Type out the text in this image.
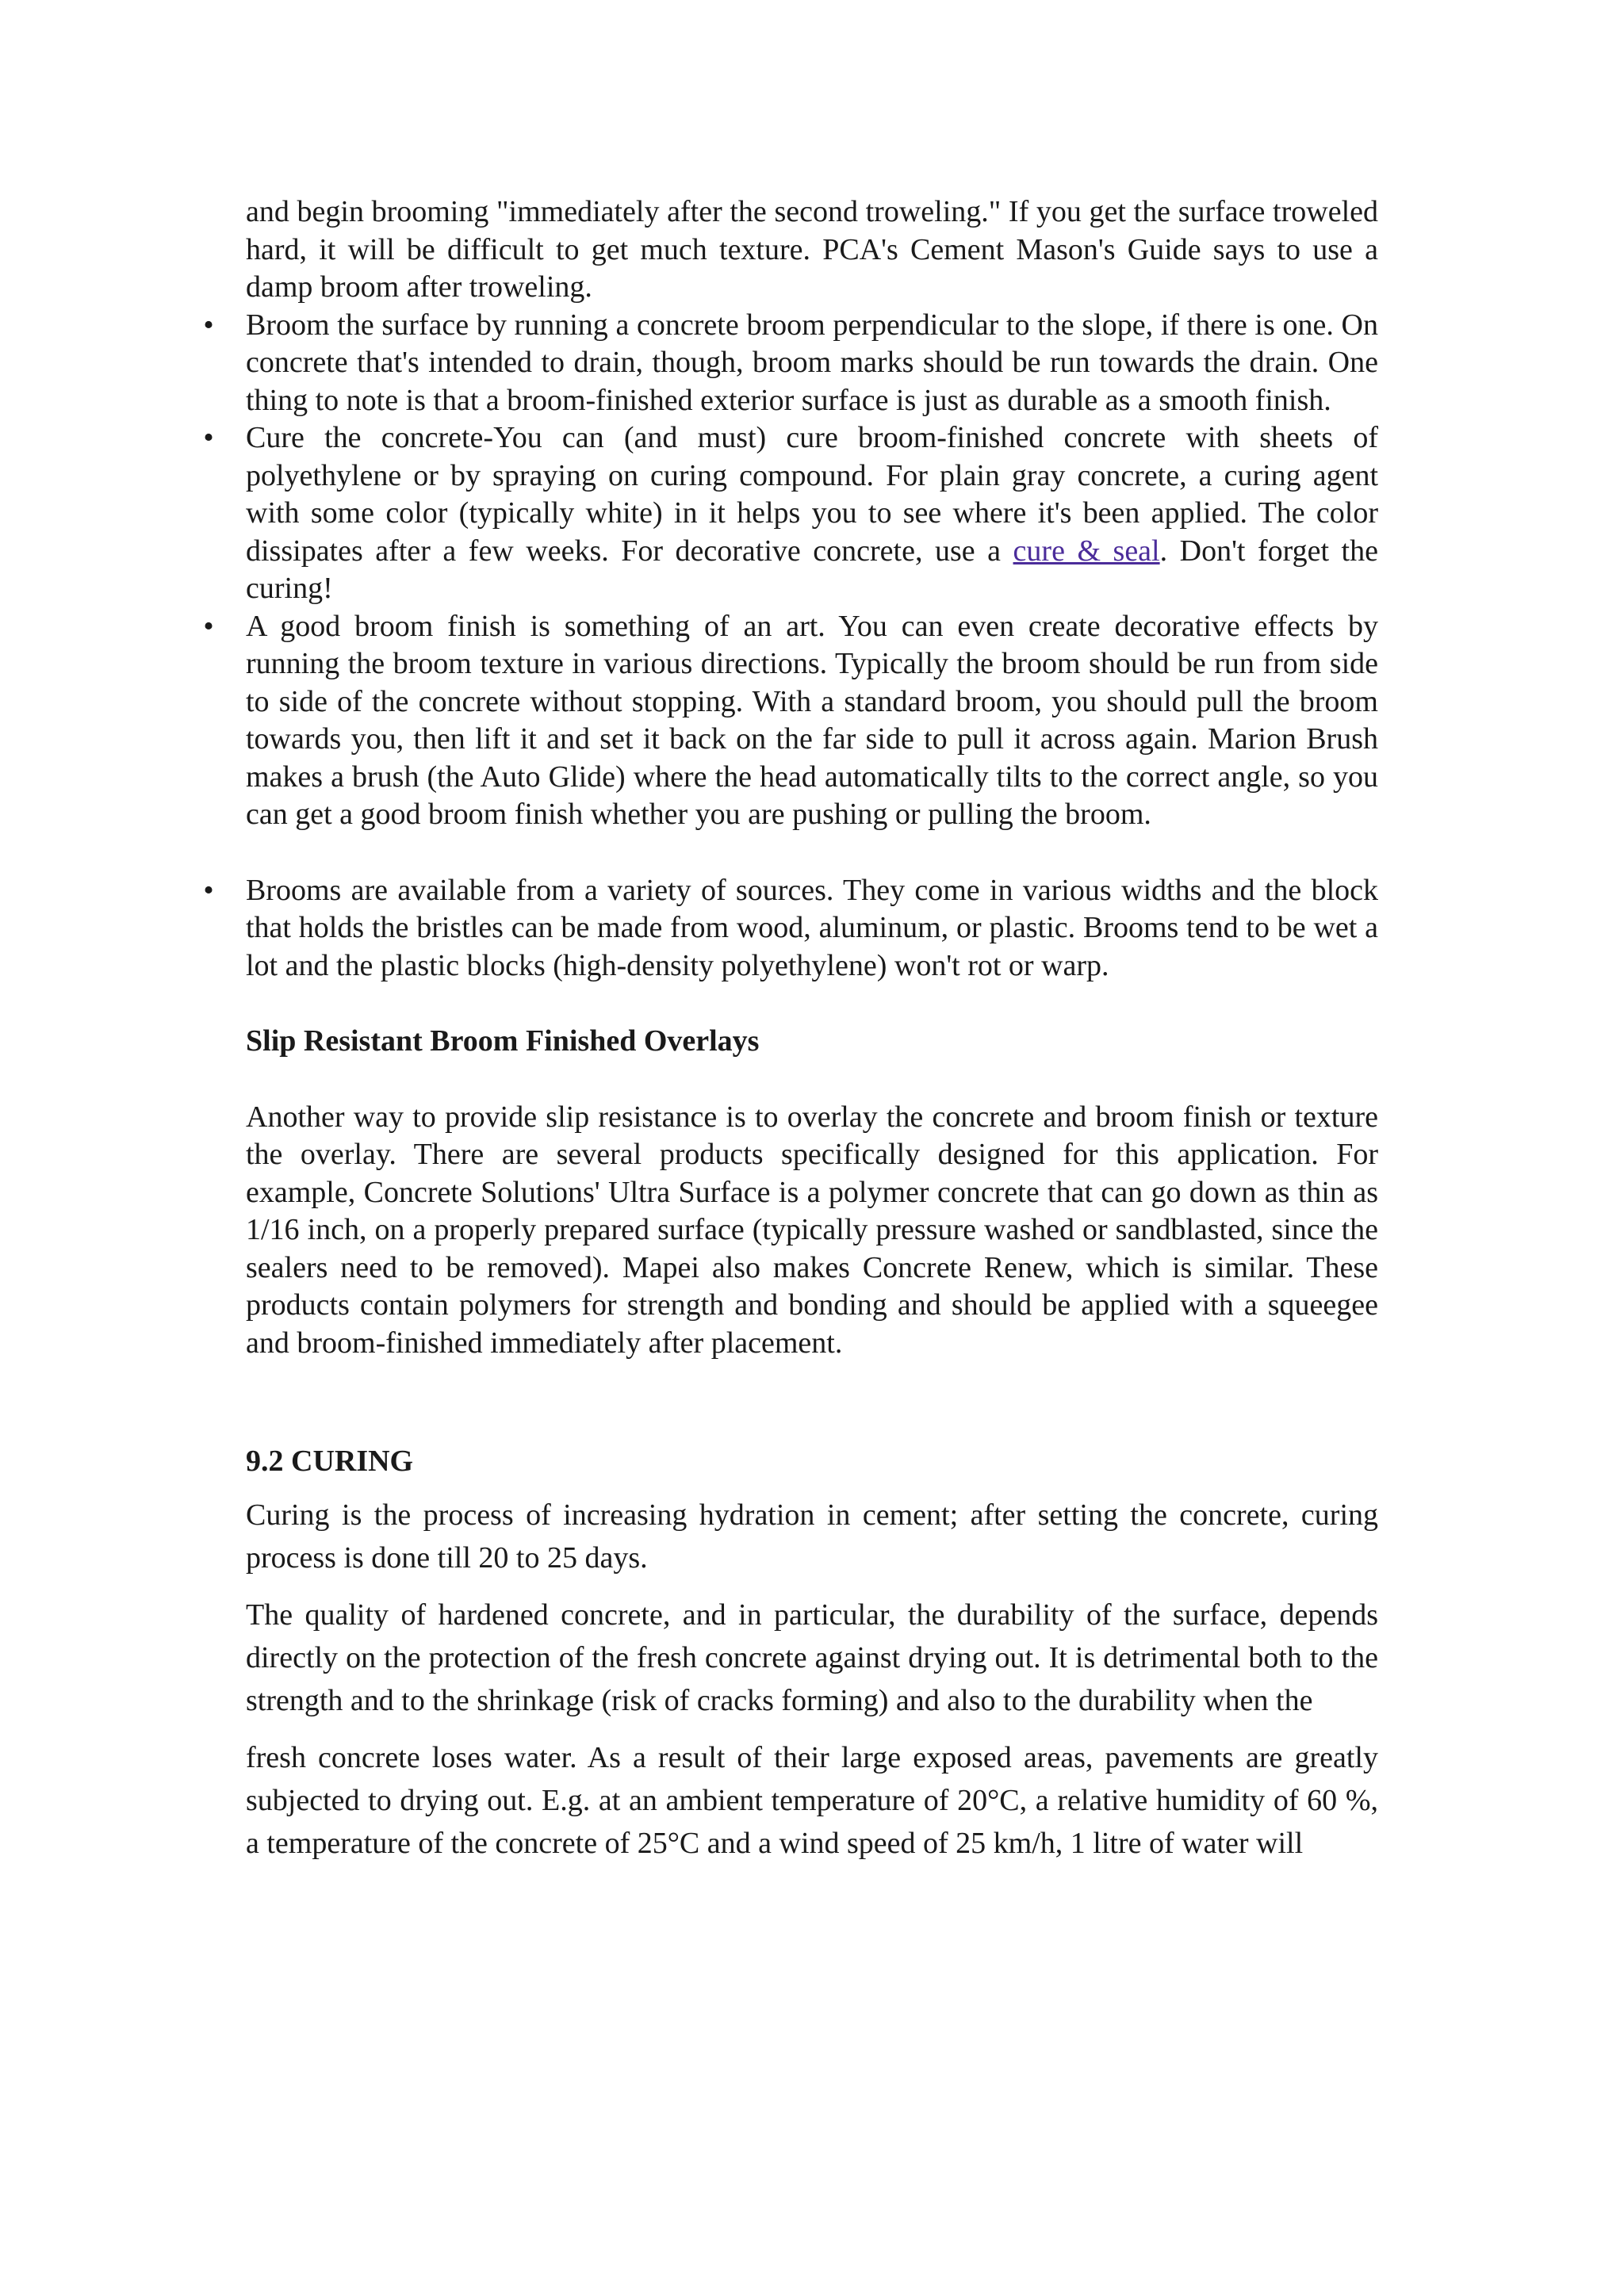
and begin brooming "immediately after the second troweling." If you get the surface troweled hard, it will be difficult to get much texture. PCA's Cement Mason's Guide says to use a damp broom after troweling.

• Broom the surface by running a concrete broom perpendicular to the slope, if there is one. On concrete that's intended to drain, though, broom marks should be run towards the drain. One thing to note is that a broom-finished exterior surface is just as durable as a smooth finish.

• Cure the concrete-You can (and must) cure broom-finished concrete with sheets of polyethylene or by spraying on curing compound. For plain gray concrete, a curing agent with some color (typically white) in it helps you to see where it's been applied. The color dissipates after a few weeks. For decorative concrete, use a cure & seal. Don't forget the curing!

• A good broom finish is something of an art. You can even create decorative effects by running the broom texture in various directions. Typically the broom should be run from side to side of the concrete without stopping. With a standard broom, you should pull the broom towards you, then lift it and set it back on the far side to pull it across again. Marion Brush makes a brush (the Auto Glide) where the head automatically tilts to the correct angle, so you can get a good broom finish whether you are pushing or pulling the broom.

• Brooms are available from a variety of sources. They come in various widths and the block that holds the bristles can be made from wood, aluminum, or plastic. Brooms tend to be wet a lot and the plastic blocks (high-density polyethylene) won't rot or warp.

Slip Resistant Broom Finished Overlays

Another way to provide slip resistance is to overlay the concrete and broom finish or texture the overlay. There are several products specifically designed for this application. For example, Concrete Solutions' Ultra Surface is a polymer concrete that can go down as thin as 1/16 inch, on a properly prepared surface (typically pressure washed or sandblasted, since the sealers need to be removed). Mapei also makes Concrete Renew, which is similar. These products contain polymers for strength and bonding and should be applied with a squeegee and broom-finished immediately after placement.

9.2 CURING

Curing is the process of increasing hydration in cement; after setting the concrete, curing process is done till 20 to 25 days.

The quality of hardened concrete, and in particular, the durability of the surface, depends directly on the protection of the fresh concrete against drying out. It is detrimental both to the strength and to the shrinkage (risk of cracks forming) and also to the durability when the

fresh concrete loses water. As a result of their large exposed areas, pavements are greatly subjected to drying out. E.g. at an ambient temperature of 20°C, a relative humidity of 60 %, a temperature of the concrete of 25°C and a wind speed of 25 km/h, 1 litre of water will
